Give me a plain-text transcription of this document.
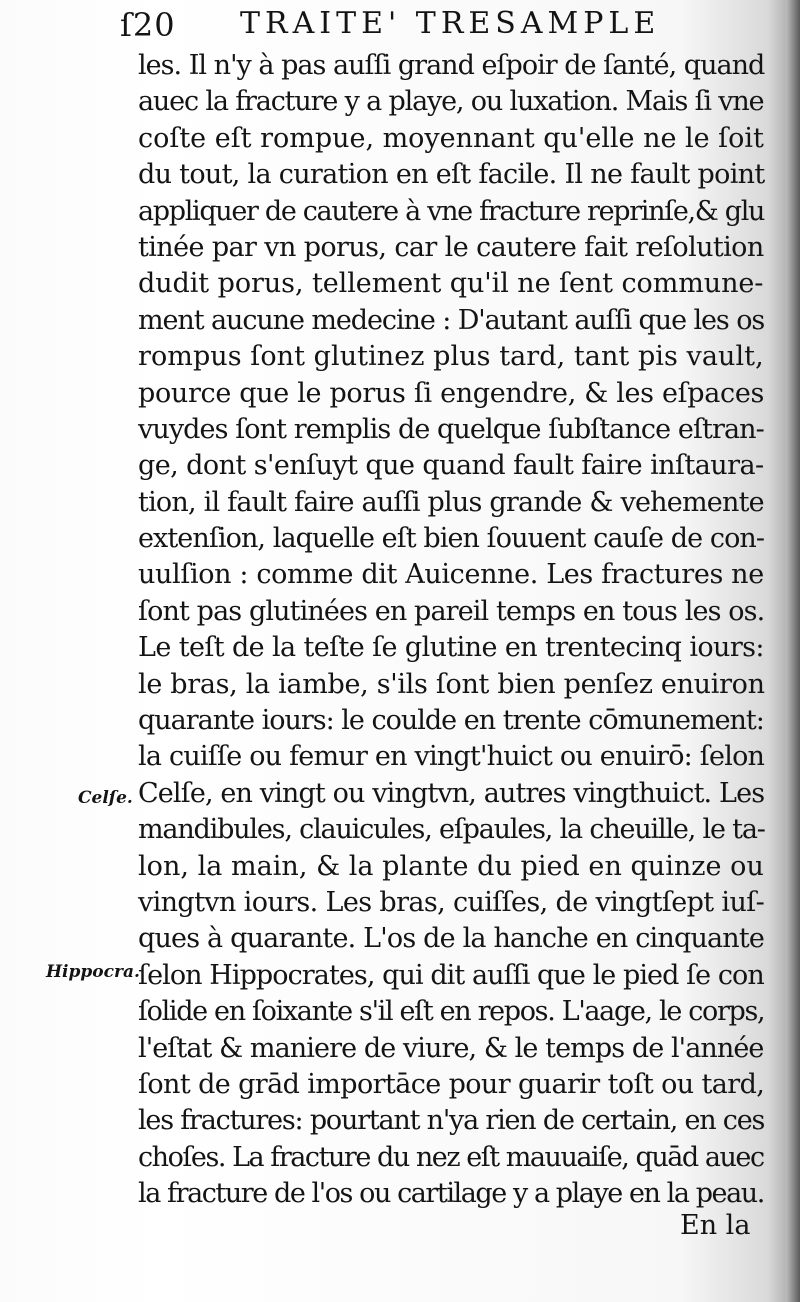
ſ20 TRAITE' TRESAMPLE
les. Il n'y à pas auſſi grand eſpoir de ſanté, quand
auec la fracture y a playe, ou luxation. Mais ſi vne
coſte eſt rompue, moyennant qu'elle ne le ſoit
du tout, la curation en eſt facile. Il ne fault point
appliquer de cautere à vne fracture reprinſe,& glu
tinée par vn porus, car le cautere fait reſolution
dudit porus, tellement qu'il ne ſent commune-
ment aucune medecine : D'autant auſſi que les os
rompus ſont glutinez plus tard, tant pis vault,
pource que le porus ſi engendre, & les eſpaces
vuydes ſont remplis de quelque ſubſtance eſtran-
ge, dont s'enſuyt que quand fault faire inſtaura-
tion, il fault faire auſſi plus grande & vehemente
extenſion, laquelle eſt bien ſouuent cauſe de con-
uulſion : comme dit Auicenne. Les fractures ne
ſont pas glutinées en pareil temps en tous les os.
Le teſt de la teſte ſe glutine en trentecinq iours:
le bras, la iambe, s'ils ſont bien penſez enuiron
quarante iours: le coulde en trente cōmunement:
la cuiſſe ou femur en vingt'huict ou enuirō: ſelon
Celſe, en vingt ou vingtvn, autres vingthuict. Les
mandibules, clauicules, eſpaules, la cheuille, le ta-
lon, la main, & la plante du pied en quinze ou
vingtvn iours. Les bras, cuiſſes, de vingtſept iuſ-
ques à quarante. L'os de la hanche en cinquante
ſelon Hippocrates, qui dit auſſi que le pied ſe con
ſolide en ſoixante s'il eſt en repos. L'aage, le corps,
l'eſtat & maniere de viure, & le temps de l'année
ſont de grād importāce pour guarir toſt ou tard,
les fractures: pourtant n'ya rien de certain, en ces
choſes. La fracture du nez eſt mauuaiſe, quād auec
la fracture de l'os ou cartilage y a playe en la peau.
Celſe.
Hippocra.
En la
